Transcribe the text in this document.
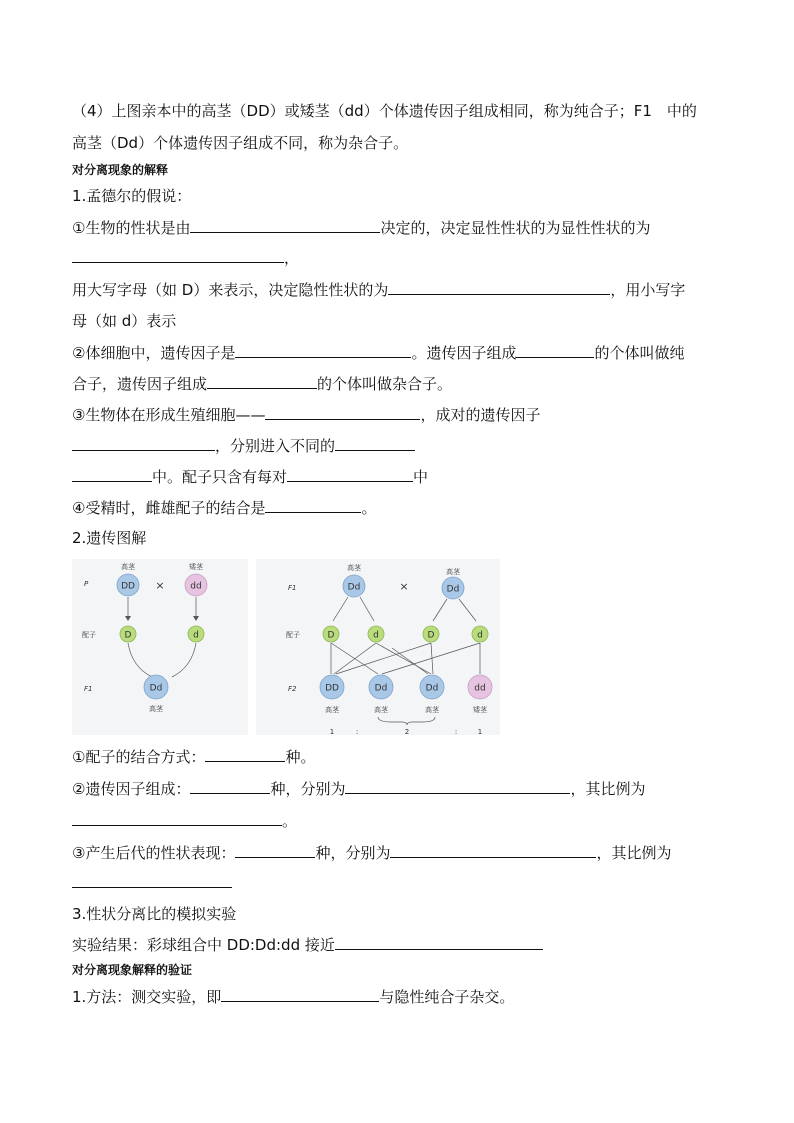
（4）上图亲本中的高茎（DD）或矮茎（dd）个体遗传因子组成相同，称为纯合子；F1　中的
高茎（Dd）个体遗传因子组成不同，称为杂合子。
对分离现象的解释
1.孟德尔的假说：
①生物的性状是由	决定的，决定显性性状的为显性性状的为
，
用大写字母（如 D）来表示，决定隐性性状的为	，用小写字
母（如 d）表示
②体细胞中，遗传因子是	。遗传因子组成	的个体叫做纯
合子，遗传因子组成	的个体叫做杂合子。
③生物体在形成生殖细胞——	，成对的遗传因子
，分别进入不同的
中。配子只含有每对	中
④受精时，雌雄配子的结合是	。
2.遗传图解
P
配子
F1
高茎
DD ×
矮茎
dd
D	d
Dd
高茎
F1
配子
F2
高茎
Dd	×
高茎
Dd
D	d	D	d
DD	Dd	Dd	dd
高茎	高茎	高茎	矮茎
1	:	2	:	1
①配子的结合方式：	种。
②遗传因子组成：	种，分别为	，其比例为
。
③产生后代的性状表现：	种，分别为	，其比例为
3.性状分离比的模拟实验
实验结果：彩球组合中 DD:Dd:dd 接近
对分离现象解释的验证
1.方法：测交实验，即	与隐性纯合子杂交。
